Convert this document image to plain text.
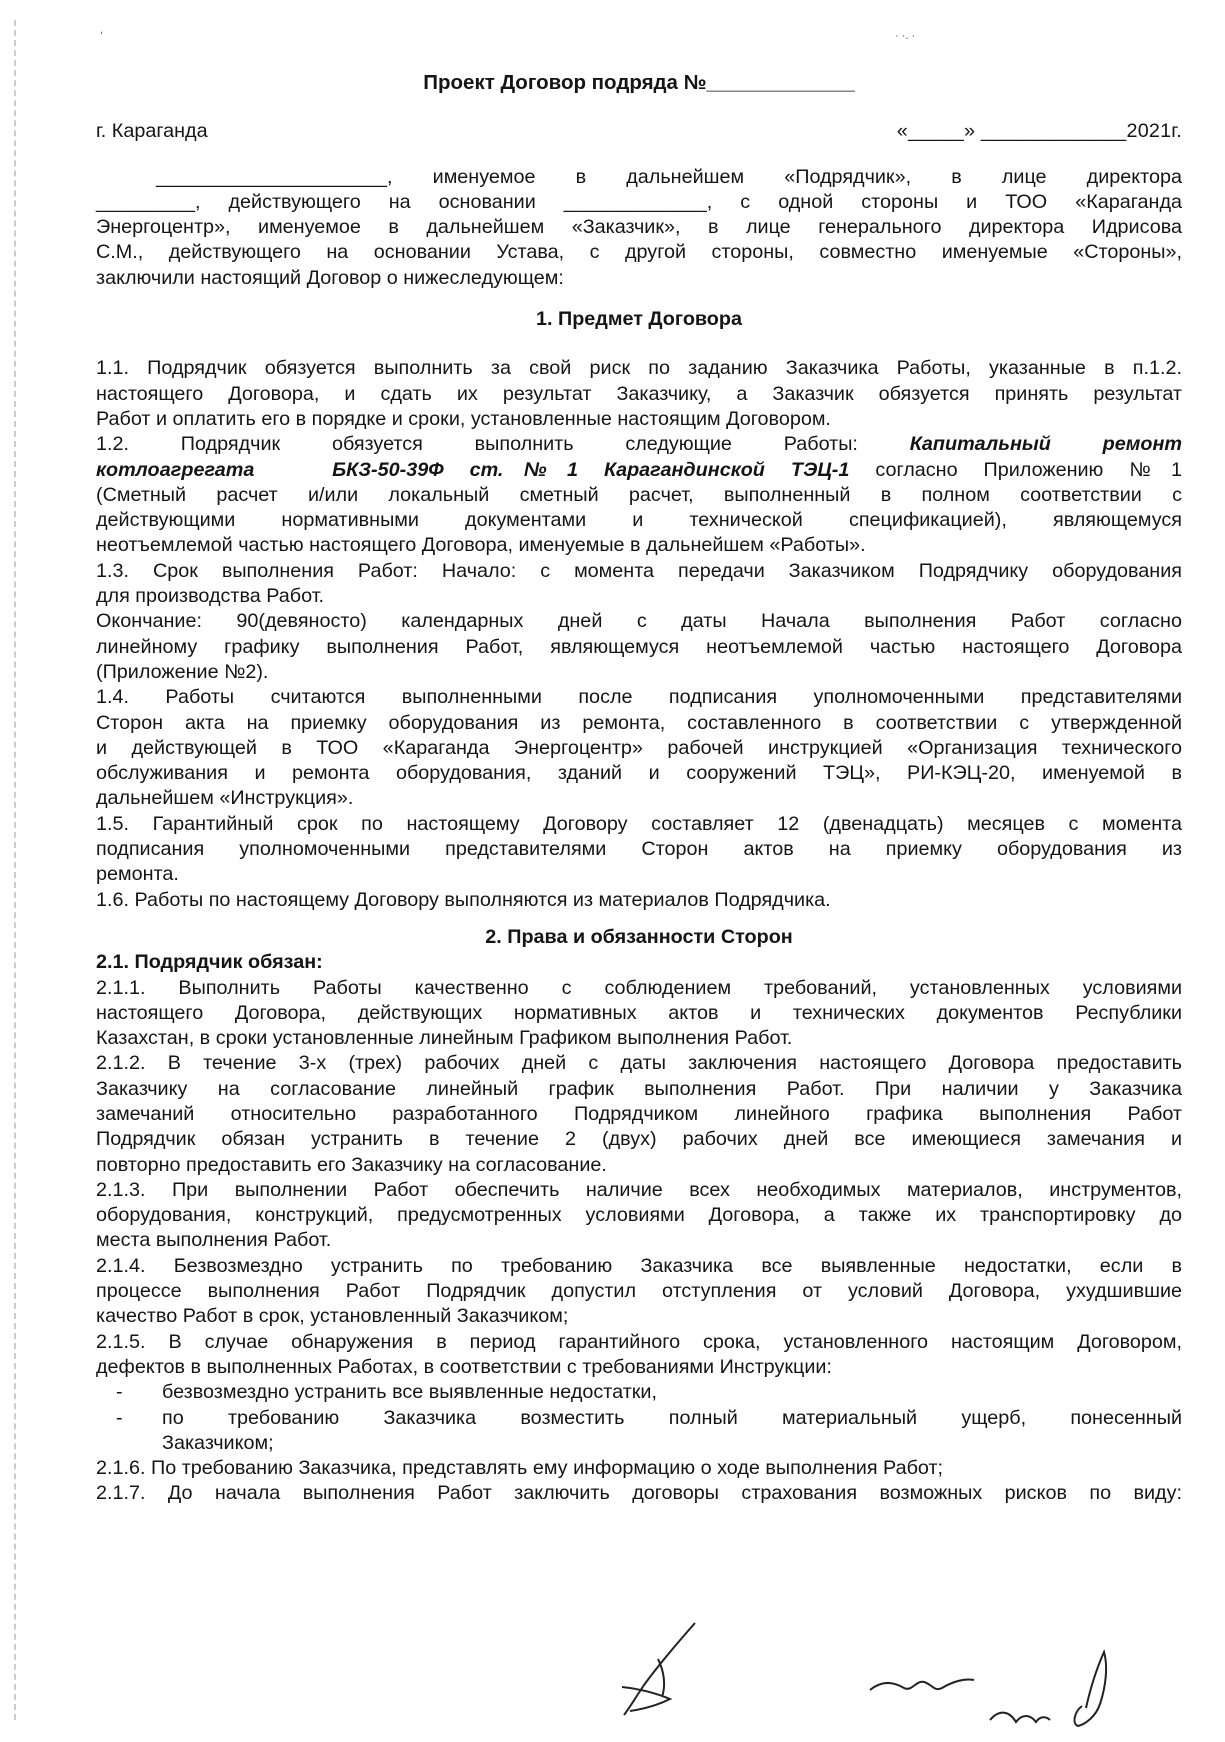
Проект Договор подряда №_____________

г. Караганда	«_____» _____________2021г.

_____________________, именуемое в дальнейшем «Подрядчик», в лице директора

_________, действующего на основании _____________, с одной стороны и ТОО «Караганда

Энергоцентр», именуемое в дальнейшем «Заказчик», в лице генерального директора Идрисова

С.М., действующего на основании Устава, с другой стороны, совместно именуемые «Стороны»,

заключили настоящий Договор о нижеследующем:

1. Предмет Договора

1.1. Подрядчик обязуется выполнить за свой риск по заданию Заказчика Работы, указанные в п.1.2.

настоящего Договора, и сдать их результат Заказчику, а Заказчик обязуется принять результат

Работ и оплатить его в порядке и сроки, установленные настоящим Договором.

1.2.   Подрядчик   обязуется   выполнить   следующие   Работы:   Капитальный   ремонт

котлоагрегата   БКЗ-50-39Ф ст.№1 Карагандинской ТЭЦ-1 согласно Приложению №1

(Сметный расчет и/или локальный сметный расчет, выполненный в полном соответствии с

действующими нормативными документами и технической спецификацией), являющемуся

неотъемлемой частью настоящего Договора, именуемые в дальнейшем «Работы».

1.3. Срок выполнения Работ: Начало: с момента передачи Заказчиком Подрядчику оборудования

для производства Работ.

Окончание: 90(девяносто) календарных дней с даты Начала выполнения Работ согласно

линейному графику выполнения Работ, являющемуся неотъемлемой частью настоящего Договора

(Приложение №2).

1.4. Работы считаются выполненными после подписания уполномоченными представителями

Сторон акта на приемку оборудования из ремонта, составленного в соответствии с утвержденной

и действующей в ТОО «Караганда Энергоцентр» рабочей инструкцией «Организация технического

обслуживания и ремонта оборудования, зданий и сооружений ТЭЦ», РИ-КЭЦ-20, именуемой в

дальнейшем «Инструкция».

1.5. Гарантийный срок по настоящему Договору составляет 12 (двенадцать) месяцев с момента

подписания уполномоченными представителями Сторон актов на приемку оборудования из

ремонта.

1.6. Работы по настоящему Договору выполняются из материалов Подрядчика.

2. Права и обязанности Сторон

2.1. Подрядчик обязан:

2.1.1. Выполнить Работы качественно с соблюдением требований, установленных условиями

настоящего Договора, действующих нормативных актов и технических документов Республики

Казахстан, в сроки установленные линейным Графиком выполнения Работ.

2.1.2. В течение 3-х (трех) рабочих дней с даты заключения настоящего Договора предоставить

Заказчику на согласование линейный график выполнения Работ. При наличии у Заказчика

замечаний относительно разработанного Подрядчиком линейного графика выполнения Работ

Подрядчик обязан устранить в течение 2 (двух) рабочих дней все имеющиеся замечания и

повторно предоставить его Заказчику на согласование.

2.1.3. При выполнении Работ обеспечить наличие всех необходимых материалов, инструментов,

оборудования, конструкций, предусмотренных условиями Договора, а также их транспортировку до

места выполнения Работ.

2.1.4. Безвозмездно устранить по требованию Заказчика все выявленные недостатки, если в

процессе выполнения Работ Подрядчик допустил отступления от условий Договора, ухудшившие

качество Работ в срок, установленный Заказчиком;

2.1.5. В случае обнаружения в период гарантийного срока, установленного настоящим Договором,

дефектов в выполненных Работах, в соответствии с требованиями Инструкции:

-	безвозмездно устранить все выявленные недостатки,
-	по требованию Заказчика возместить полный материальный ущерб, понесенный

Заказчиком;

2.1.6. По требованию Заказчика, представлять ему информацию о ходе выполнения Работ;

2.1.7. До начала выполнения Работ заключить договоры страхования возможных рисков по виду:

· ·. ·
,
